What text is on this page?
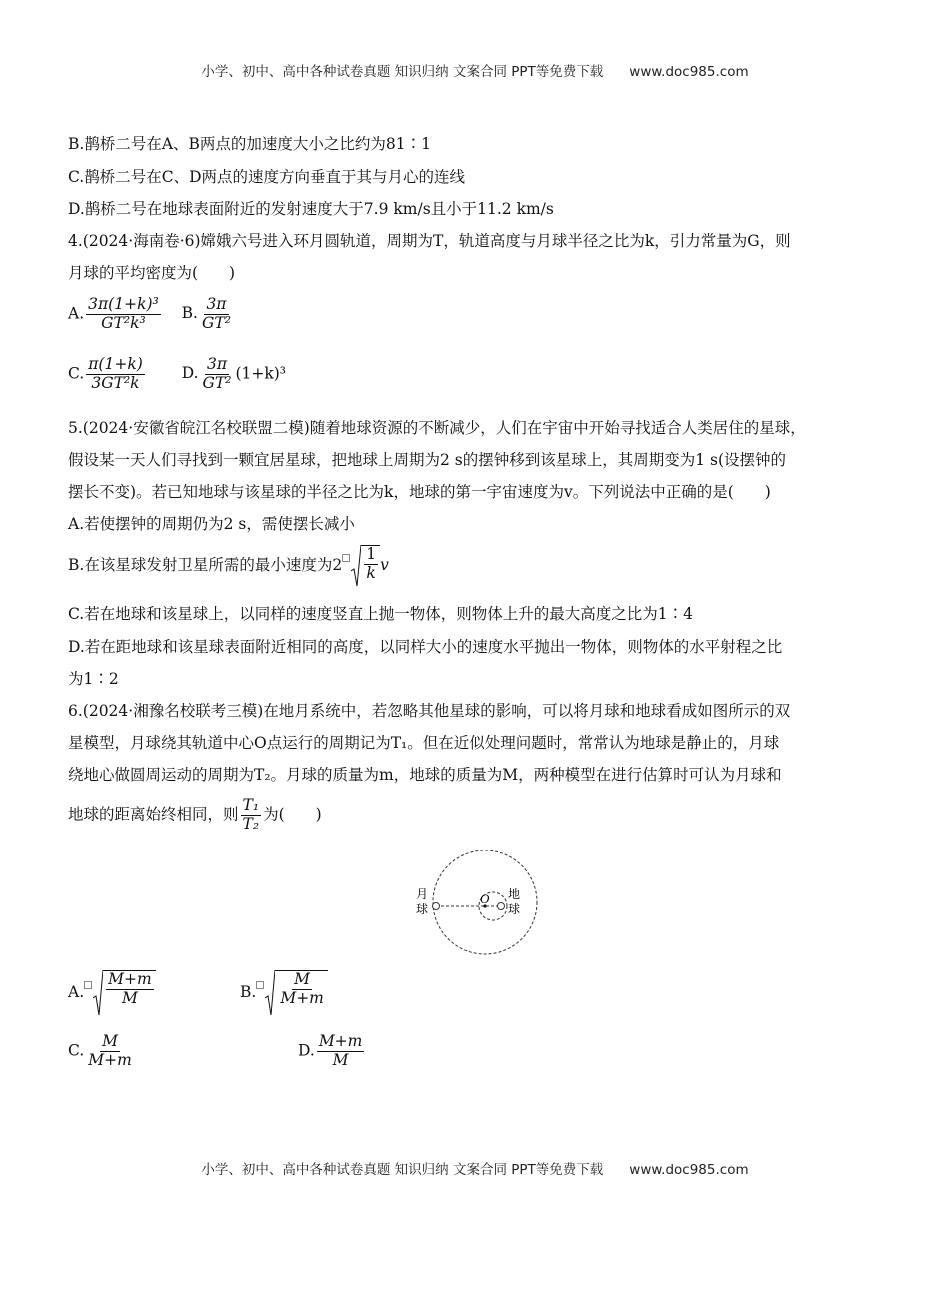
小学、初中、高中各种试卷真题 知识归纳 文案合同 PPT等免费下载 www.doc985.com
B.鹊桥二号在A、B两点的加速度大小之比约为81∶1
C.鹊桥二号在C、D两点的速度方向垂直于其与月心的连线
D.鹊桥二号在地球表面附近的发射速度大于7.9 km/s且小于11.2 km/s
4.(2024·海南卷·6)嫦娥六号进入环月圆轨道，周期为T，轨道高度与月球半径之比为k，引力常量为G，则
月球的平均密度为(　　)
A. $\frac{\text{3π(1+k)³}}{\text{GT²k³}} B$. $\frac{3\pi}{\text{GT²}}$
C. $\frac{\pi(1+k)}{\text{3GT²k}} D$. $\frac{3\pi}{\text{GT²}} (1+k)^3$
5.(2024·安徽省皖江名校联盟二模)随着地球资源的不断减少，人们在宇宙中开始寻找适合人类居住的星球，
假设某一天人们寻找到一颗宜居星球，把地球上周期为2 s的摆钟移到该星球上，其周期变为1 s(设摆钟的
摆长不变)。若已知地球与该星球的半径之比为k，地球的第一宇宙速度为v。下列说法中正确的是(　　)
A.若使摆钟的周期仍为2 s，需使摆长减小
B.在该星球发射卫星所需的最小速度为$2 \frac{1}{k}$ v
C.若在地球和该星球上，以同样的速度竖直上抛一物体，则物体上升的最大高度之比为1∶4
D.若在距地球和该星球表面附近相同的高度，以同样大小的速度水平抛出一物体，则物体的水平射程之比
为1∶2
6.(2024·湘豫名校联考三模)在地月系统中，若忽略其他星球的影响，可以将月球和地球看成如图所示的双
星模型，月球绕其轨道中心O点运行的周期记为T₁。但在近似处理问题时，常常认为地球是静止的，月球
绕地心做圆周运动的周期为T₂。月球的质量为m，地球的质量为M，两种模型在进行估算时可认为月球和
地球的距离始终相同，则 $\frac{\text{T₁}}{\text{T₂}}$ 为(　　)
O
月球
地球
A. $\frac{M+m}{M}$	B. $\frac{M}{M+m}$
C. $\frac{M}{M+m}$	D. $\frac{M+m}{M}$
小学、初中、高中各种试卷真题 知识归纳 文案合同 PPT等免费下载 www.doc985.com
